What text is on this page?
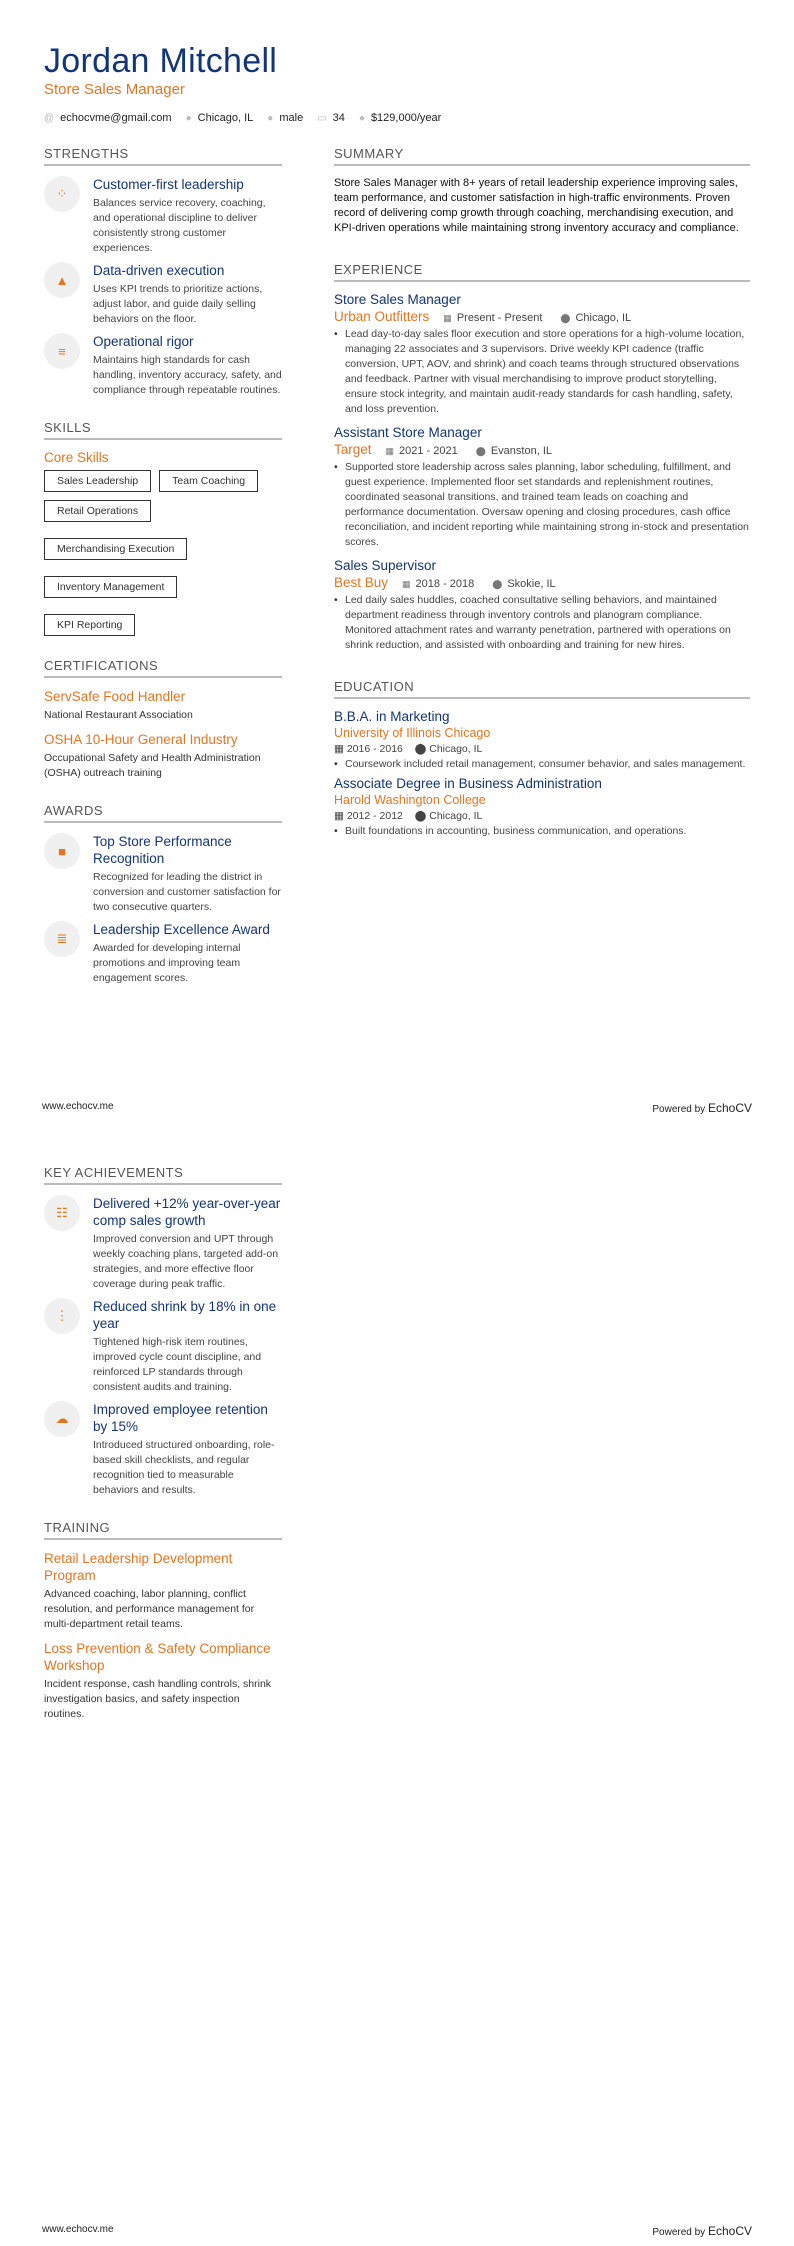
Jordan Mitchell
Store Sales Manager
@ echocvme@gmail.com ● Chicago, IL ● male ▭ 34 ● $129,000/year
STRENGTHS
⁘
Customer-first leadership
Balances service recovery, coaching, and operational discipline to deliver consistently strong customer experiences.
▲
Data-driven execution
Uses KPI trends to prioritize actions, adjust labor, and guide daily selling behaviors on the floor.
≡
Operational rigor
Maintains high standards for cash handling, inventory accuracy, safety, and compliance through repeatable routines.
SKILLS
Core Skills
Sales Leadership	Team Coaching
Retail Operations
Merchandising Execution
Inventory Management
KPI Reporting
CERTIFICATIONS
ServSafe Food Handler
National Restaurant Association
OSHA 10-Hour General Industry
Occupational Safety and Health Administration (OSHA) outreach training
AWARDS
■
Top Store Performance Recognition
Recognized for leading the district in conversion and customer satisfaction for two consecutive quarters.
≣
Leadership Excellence Award
Awarded for developing internal promotions and improving team engagement scores.
SUMMARY

Store Sales Manager with 8+ years of retail leadership experience improving sales, team performance, and customer satisfaction in high-traffic environments. Proven record of delivering comp growth through coaching, merchandising execution, and KPI-driven operations while maintaining strong inventory accuracy and compliance.

EXPERIENCE
Store Sales Manager
Urban Outfitters ▦ Present - Present ⬤ Chicago, IL
• Lead day-to-day sales floor execution and store operations for a high-volume location, managing 22 associates and 3 supervisors. Drive weekly KPI cadence (traffic conversion, UPT, AOV, and shrink) and coach teams through structured observations and feedback. Partner with visual merchandising to improve product storytelling, ensure stock integrity, and maintain audit-ready standards for cash handling, safety, and loss prevention.
Assistant Store Manager
Target ▦ 2021 - 2021 ⬤ Evanston, IL
• Supported store leadership across sales planning, labor scheduling, fulfillment, and guest experience. Implemented floor set standards and replenishment routines, coordinated seasonal transitions, and trained team leads on coaching and performance documentation. Oversaw opening and closing procedures, cash office reconciliation, and incident reporting while maintaining strong in-stock and presentation scores.
Sales Supervisor
Best Buy ▦ 2018 - 2018 ⬤ Skokie, IL
• Led daily sales huddles, coached consultative selling behaviors, and maintained department readiness through inventory controls and planogram compliance. Monitored attachment rates and warranty penetration, partnered with operations on shrink reduction, and assisted with onboarding and training for new hires.
EDUCATION
B.B.A. in Marketing
University of Illinois Chicago
▦ 2016 - 2016 ⬤ Chicago, IL
• Coursework included retail management, consumer behavior, and sales management.
Associate Degree in Business Administration
Harold Washington College
▦ 2012 - 2012 ⬤ Chicago, IL
• Built foundations in accounting, business communication, and operations.
www.echocv.me	Powered by EchoCV
KEY ACHIEVEMENTS
☷
Delivered +12% year-over-year comp sales growth
Improved conversion and UPT through weekly coaching plans, targeted add-on strategies, and more effective floor coverage during peak traffic.
⋮
Reduced shrink by 18% in one year
Tightened high-risk item routines, improved cycle count discipline, and reinforced LP standards through consistent audits and training.
☁
Improved employee retention by 15%
Introduced structured onboarding, role-based skill checklists, and regular recognition tied to measurable behaviors and results.
TRAINING
Retail Leadership Development Program
Advanced coaching, labor planning, conflict resolution, and performance management for multi-department retail teams.
Loss Prevention & Safety Compliance Workshop
Incident response, cash handling controls, shrink investigation basics, and safety inspection routines.
www.echocv.me	Powered by EchoCV
